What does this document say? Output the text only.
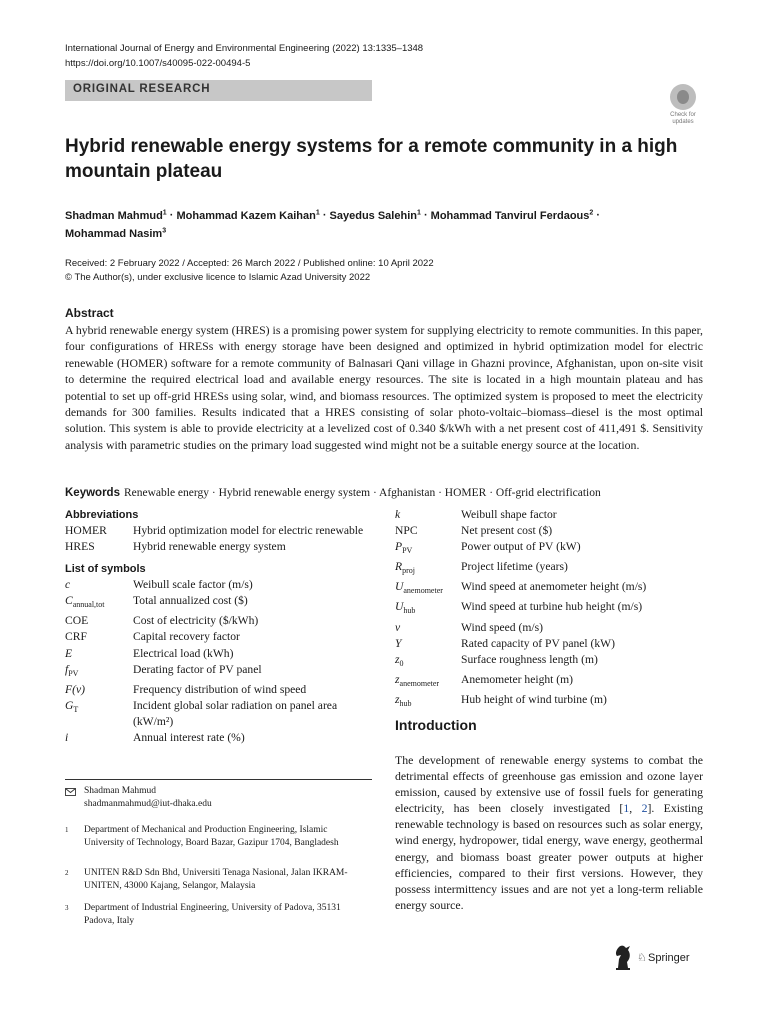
International Journal of Energy and Environmental Engineering (2022) 13:1335–1348
https://doi.org/10.1007/s40095-022-00494-5
ORIGINAL RESEARCH
Check for
updates
Hybrid renewable energy systems for a remote community in a high mountain plateau
Shadman Mahmud$^1$ · Mohammad Kazem Kaihan$^1$ · Sayedus Salehin$^1$ · Mohammad Tanvirul Ferdaous$^2$ ·
Mohammad Nasim$^3$
Received: 2 February 2022 / Accepted: 26 March 2022 / Published online: 10 April 2022
© The Author(s), under exclusive licence to Islamic Azad University 2022
Abstract
A hybrid renewable energy system (HRES) is a promising power system for supplying electricity to remote communities. In this paper, four configurations of HRESs with energy storage have been designed and optimized in hybrid optimization model for electric renewable (HOMER) software for a remote community of Balnasari Qani village in Ghazni province, Afghanistan, upon on-site visit to determine the required electrical load and available energy resources. The site is located in a high mountain plateau and has potential to set up off-grid HRESs using solar, wind, and biomass resources. The optimized system is proposed to meet the electricity demands for 300 families. Results indicated that a HRES consisting of solar photo-voltaic–biomass–diesel is the most optimal solution. This system is able to provide electricity at a levelized cost of 0.340 $/kWh with a net present cost of 411,491 $. Sensitivity analysis with parametric studies on the primary load suggested wind might not be a suitable energy source at the location.
Keywords Renewable energy · Hybrid renewable energy system · Afghanistan · HOMER · Off-grid electrification
Abbreviations
HOMER	Hybrid optimization model for electric renewable
HRES	Hybrid renewable energy system
List of symbols
c	Weibull scale factor (m/s)
$C_{annual,tot}$	Total annualized cost ($)
COE	Cost of electricity ($/kWh)
CRF	Capital recovery factor
E	Electrical load (kWh)
$f_{PV}$	Derating factor of PV panel
F(v)	Frequency distribution of wind speed
$G_T$	Incident global solar radiation on panel area (kW/m²)
i	Annual interest rate (%)
k	Weibull shape factor
NPC	Net present cost ($)
$P_{PV}$	Power output of PV (kW)
$R_{proj}$	Project lifetime (years)
$U_{anemometer}$	Wind speed at anemometer height (m/s)
$U_{hub}$	Wind speed at turbine hub height (m/s)
v	Wind speed (m/s)
Y	Rated capacity of PV panel (kW)
$z_0$	Surface roughness length (m)
$z_{anemometer}$	Anemometer height (m)
$z_{hub}$	Hub height of wind turbine (m)
Introduction
The development of renewable energy systems to combat the detrimental effects of greenhouse gas emission and ozone layer emission, caused by extensive use of fossil fuels for generating electricity, has been closely investigated [1, 2]. Existing renewable technology is based on resources such as solar energy, wind energy, hydropower, tidal energy, wave energy, geothermal energy, and biomass boast greater power outputs at higher efficiencies, compared to their first versions. However, they possess intermittency issues and are not yet a long-term reliable energy source.
Shadman Mahmud
shadmanmahmud@iut-dhaka.edu
1 Department of Mechanical and Production Engineering, Islamic University of Technology, Board Bazar, Gazipur 1704, Bangladesh
2 UNITEN R&D Sdn Bhd, Universiti Tenaga Nasional, Jalan IKRAM-UNITEN, 43000 Kajang, Selangor, Malaysia
3 Department of Industrial Engineering, University of Padova, 35131 Padova, Italy
♘ Springer
